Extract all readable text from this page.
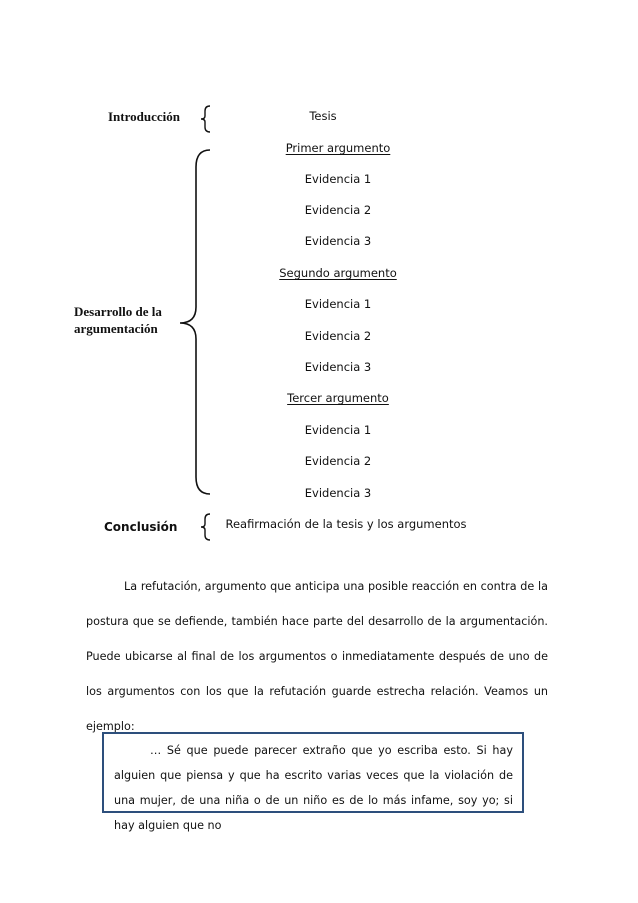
Introducción	Tesis
Desarrollo de la
argumentación
Primer argumento
Evidencia 1
Evidencia 2
Evidencia 3
Segundo argumento
Evidencia 1
Evidencia 2
Evidencia 3
Tercer argumento
Evidencia 1
Evidencia 2
Evidencia 3
Conclusión	Reafirmación de la tesis y los argumentos

La refutación, argumento que anticipa una posible reacción en contra de la postura que se defiende, también hace parte del desarrollo de la argumentación. Puede ubicarse al final de los argumentos o inmediatamente después de uno de los argumentos con los que la refutación guarde estrecha relación. Veamos un ejemplo:

… Sé que puede parecer extraño que yo escriba esto. Si hay alguien que piensa y que ha escrito varias veces que la violación de una mujer, de una niña o de un niño es de lo más infame, soy yo; si hay alguien que no
